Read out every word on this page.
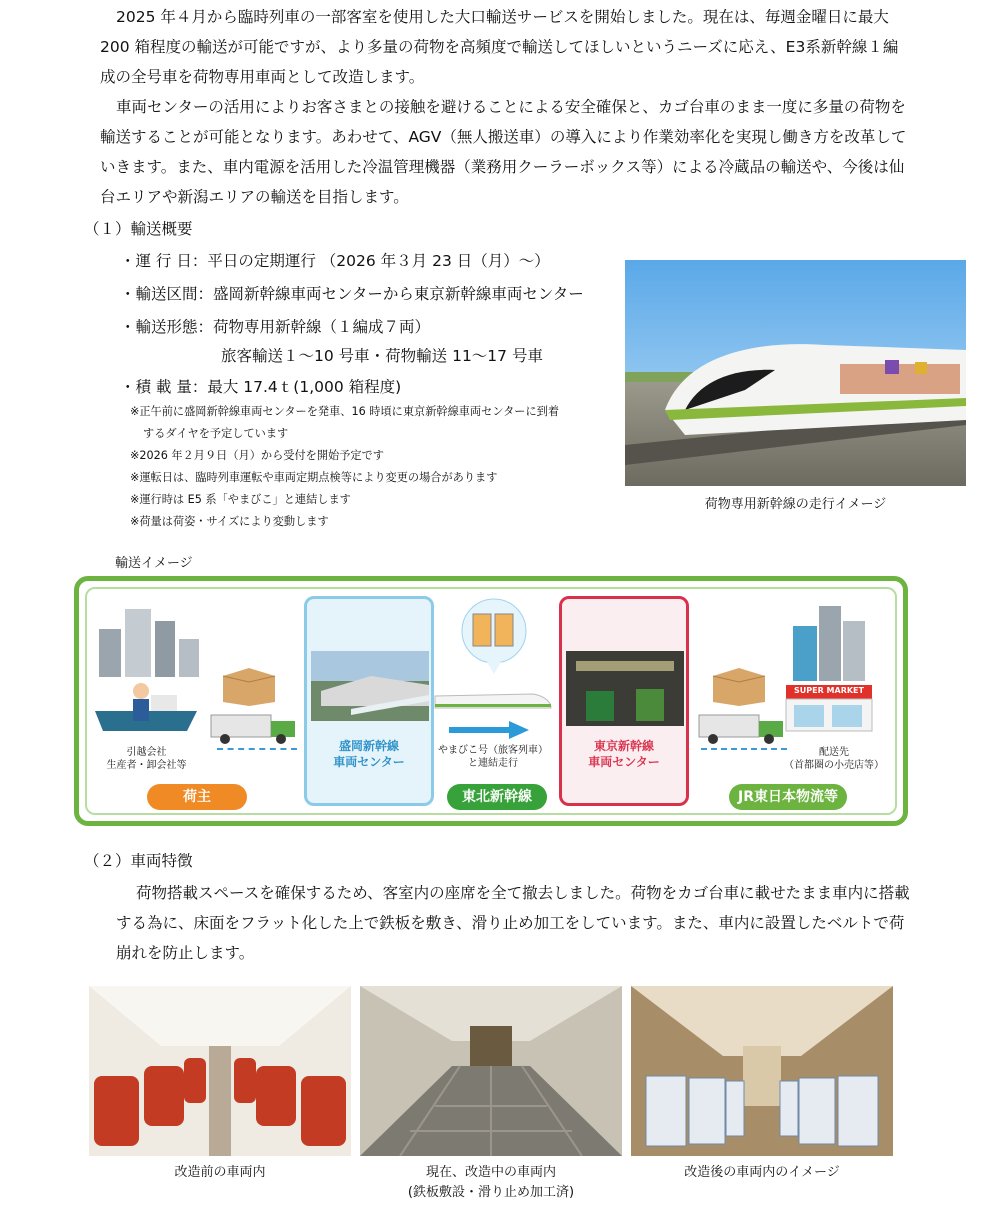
2025 年４月から臨時列車の一部客室を使用した大口輸送サービスを開始しました。現在は、毎週金曜日に最大 200 箱程度の輸送が可能ですが、より多量の荷物を高頻度で輸送してほしいというニーズに応え、E3系新幹線１編成の全号車を荷物専用車両として改造します。

車両センターの活用によりお客さまとの接触を避けることによる安全確保と、カゴ台車のまま一度に多量の荷物を輸送することが可能となります。あわせて、AGV（無人搬送車）の導入により作業効率化を実現し働き方を改革していきます。また、車内電源を活用した冷温管理機器（業務用クーラーボックス等）による冷蔵品の輸送や、今後は仙台エリアや新潟エリアの輸送を目指します。

（１）輸送概要
・運 行 日：平日の定期運行 （2026 年３月 23 日（月）～）
・輸送区間：盛岡新幹線車両センターから東京新幹線車両センター
・輸送形態：荷物専用新幹線（１編成７両）
旅客輸送１～10 号車・荷物輸送 11～17 号車
・積 載 量：最大 17.4ｔ(1,000 箱程度)
※正午前に盛岡新幹線車両センターを発車、16 時頃に東京新幹線車両センターに到着
するダイヤを予定しています
※2026 年２月９日（月）から受付を開始予定です
※運転日は、臨時列車運転や車両定期点検等により変更の場合があります
※運行時は E5 系「やまびこ」と連結します
※荷量は荷姿・サイズにより変動します
荷物専用新幹線の走行イメージ
輸送イメージ
引越会社
生産者・卸会社等
荷主
盛岡新幹線
車両センター
やまびこ号（旅客列車）
と連結走行
東北新幹線
東京新幹線
車両センター
SUPER MARKET
配送先
（首都圏の小売店等）
JR東日本物流等
（２）車両特徴

荷物搭載スペースを確保するため、客室内の座席を全て撤去しました。荷物をカゴ台車に載せたまま車内に搭載する為に、床面をフラット化した上で鉄板を敷き、滑り止め加工をしています。また、車内に設置したベルトで荷崩れを防止します。

改造前の車両内	現在、改造中の車両内
(鉄板敷設・滑り止め加工済)
改造後の車両内のイメージ
